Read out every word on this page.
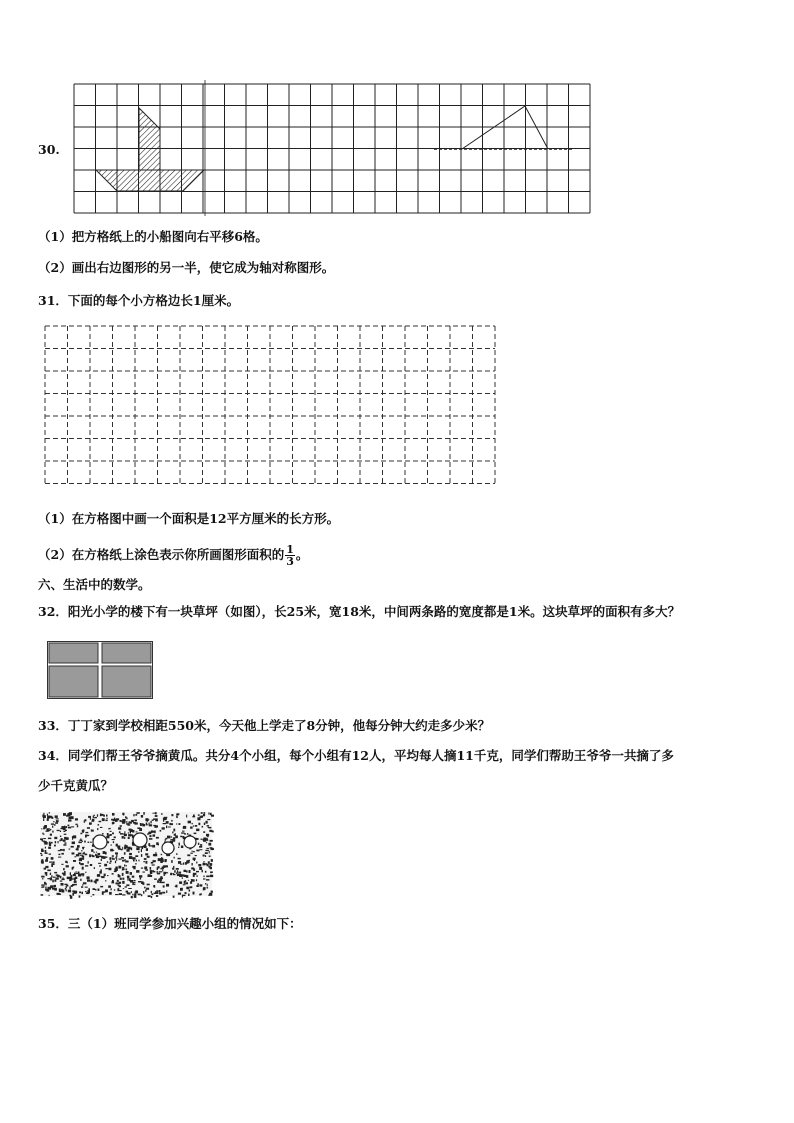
30.
（1）把方格纸上的小船图向右平移6格。
（2）画出右边图形的另一半，使它成为轴对称图形。
31．下面的每个小方格边长1厘米。
（1）在方格图中画一个面积是12平方厘米的长方形。
（2）在方格纸上涂色表示你所画图形面积的 $\frac{1}{3}$ 。
六、生活中的数学。
32．阳光小学的楼下有一块草坪（如图），长25米，宽18米，中间两条路的宽度都是1米。这块草坪的面积有多大？
33．丁丁家到学校相距550米，今天他上学走了8分钟，他每分钟大约走多少米？
34．同学们帮王爷爷摘黄瓜。共分4个小组，每个小组有12人，平均每人摘11千克，同学们帮助王爷爷一共摘了多
少千克黄瓜？
35．三（1）班同学参加兴趣小组的情况如下：
